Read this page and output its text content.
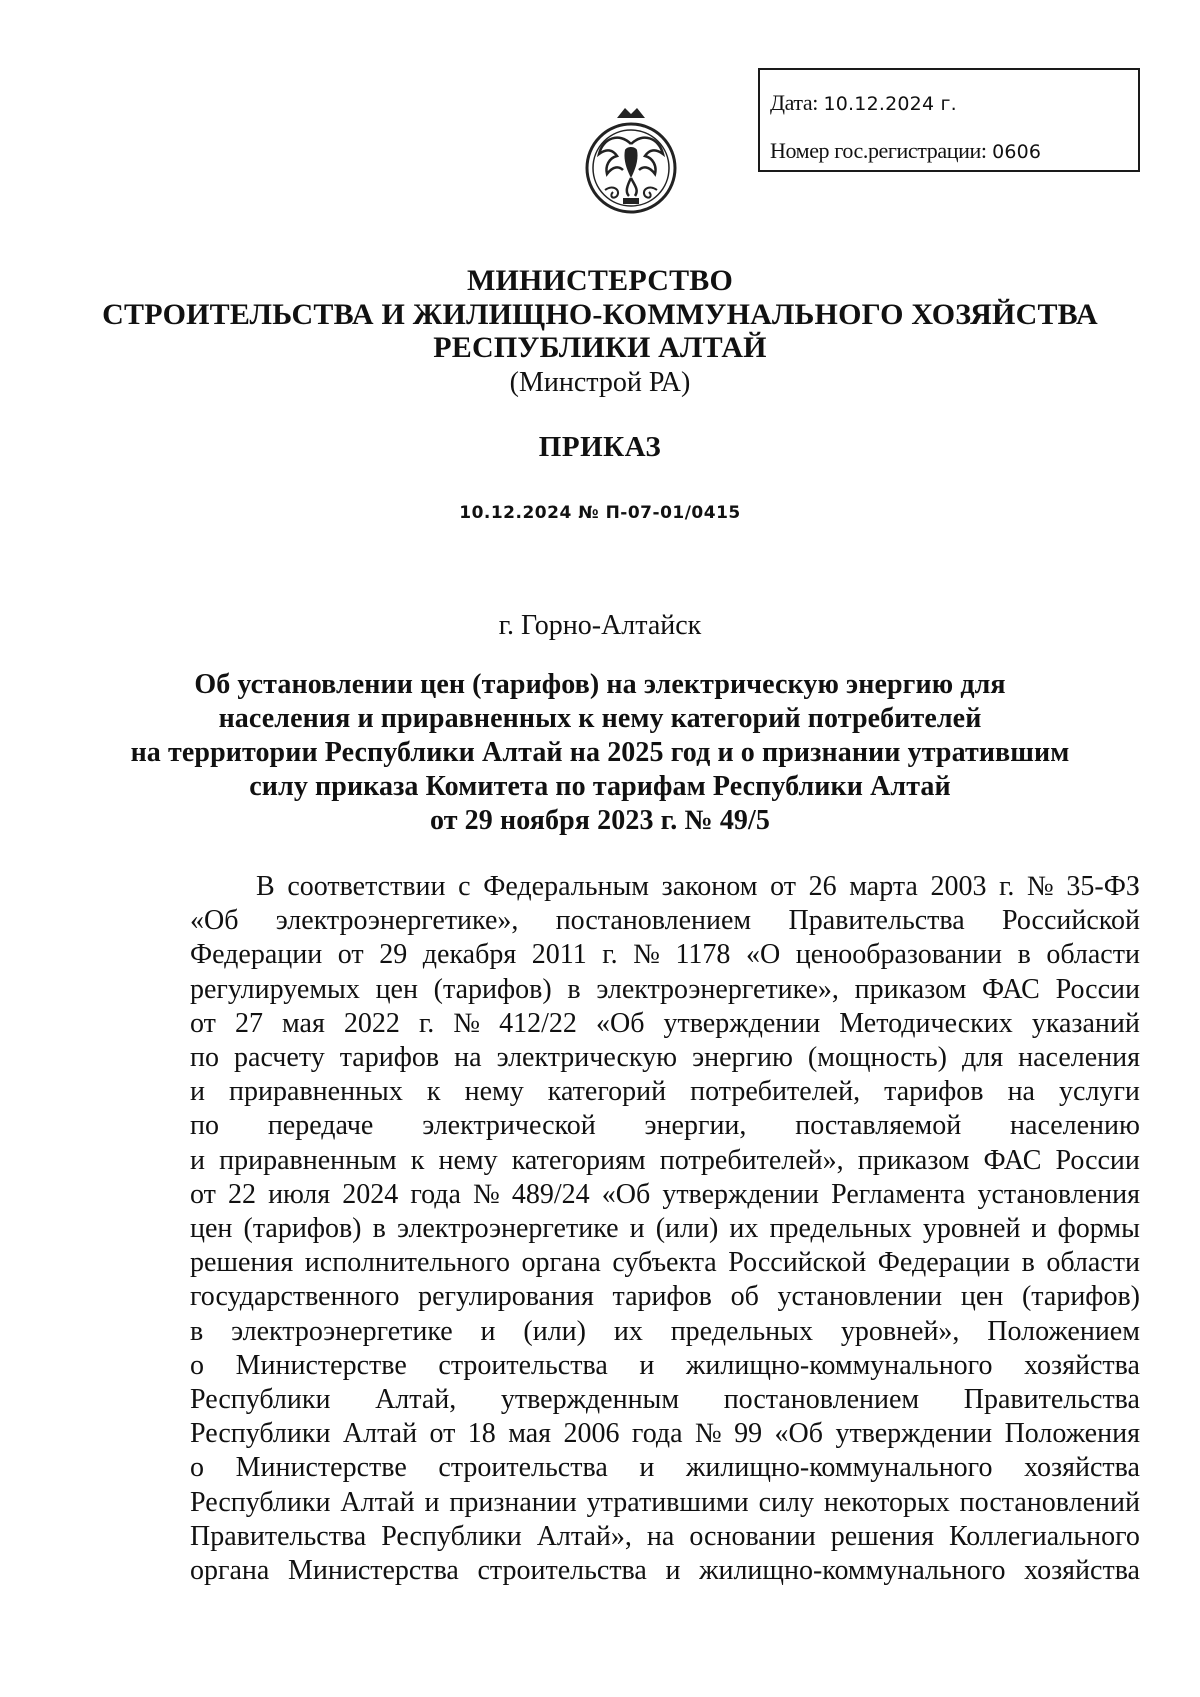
Дата: 10.12.2024 г.
Номер гос.регистрации: 0606
МИНИСТЕРСТВО
СТРОИТЕЛЬСТВА И ЖИЛИЩНО-КОММУНАЛЬНОГО ХОЗЯЙСТВА
РЕСПУБЛИКИ АЛТАЙ
(Минстрой РА)
ПРИКАЗ
10.12.2024 № П-07-01/0415
г. Горно-Алтайск
Об установлении цен (тарифов) на электрическую энергию для
населения и приравненных к нему категорий потребителей
на территории Республики Алтай на 2025 год и о признании утратившим
силу приказа Комитета по тарифам Республики Алтай
от 29 ноября 2023 г. № 49/5
В соответствии с Федеральным законом от 26 марта 2003 г. № 35-ФЗ
«Об электроэнергетике», постановлением Правительства Российской
Федерации от 29 декабря 2011 г. № 1178 «О ценообразовании в области
регулируемых цен (тарифов) в электроэнергетике», приказом ФАС России
от 27 мая 2022 г. № 412/22 «Об утверждении Методических указаний
по расчету тарифов на электрическую энергию (мощность) для населения
и приравненных к нему категорий потребителей, тарифов на услуги
по передаче электрической энергии, поставляемой населению
и приравненным к нему категориям потребителей», приказом ФАС России
от 22 июля 2024 года № 489/24 «Об утверждении Регламента установления
цен (тарифов) в электроэнергетике и (или) их предельных уровней и формы
решения исполнительного органа субъекта Российской Федерации в области
государственного регулирования тарифов об установлении цен (тарифов)
в электроэнергетике и (или) их предельных уровней», Положением
о Министерстве строительства и жилищно-коммунального хозяйства
Республики Алтай, утвержденным постановлением Правительства
Республики Алтай от 18 мая 2006 года № 99 «Об утверждении Положения
о Министерстве строительства и жилищно-коммунального хозяйства
Республики Алтай и признании утратившими силу некоторых постановлений
Правительства Республики Алтай», на основании решения Коллегиального
органа Министерства строительства и жилищно-коммунального хозяйства
